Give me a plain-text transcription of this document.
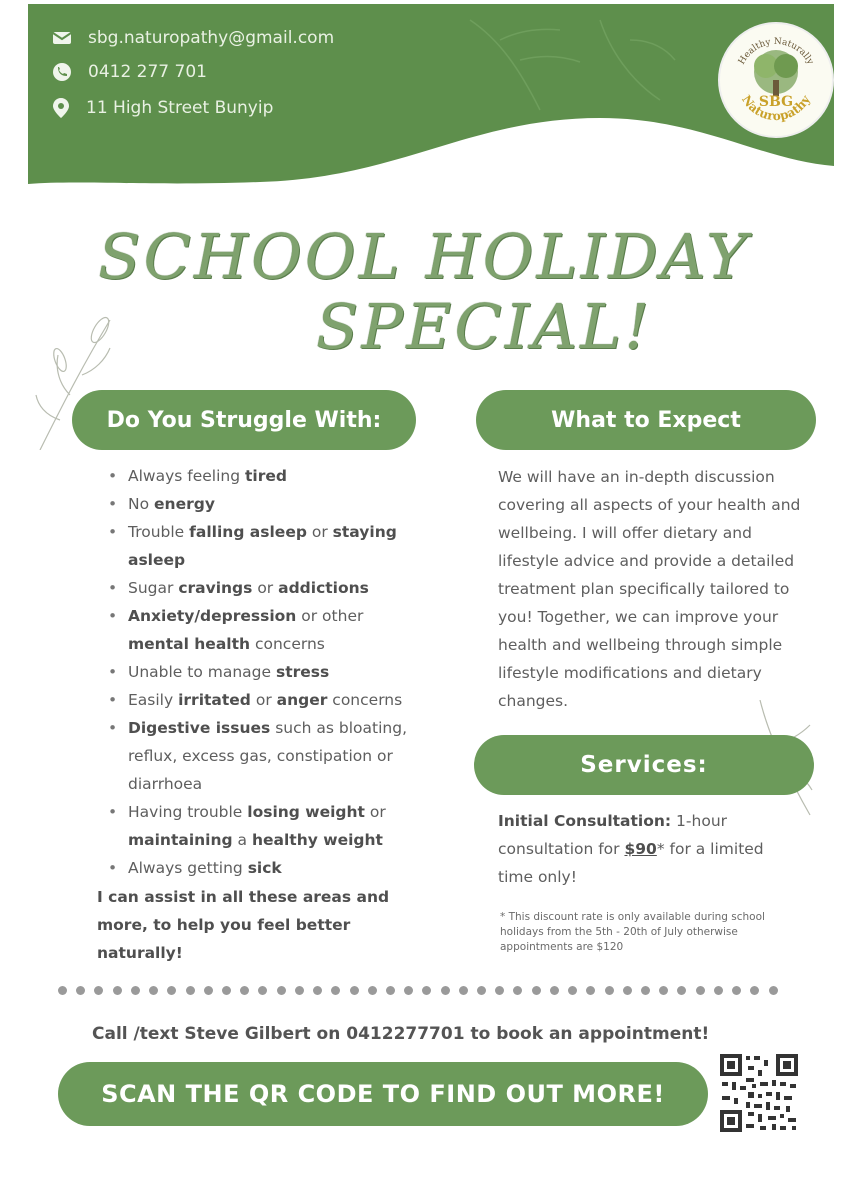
sbg.naturopathy@gmail.com
0412 277 701
11 High Street Bunyip
Healthy Naturally
SBG
Naturopathy
SCHOOL HOLIDAY
SPECIAL!
Do You Struggle With:	What to Expect
Services:
• Always feeling tired
• No energy
• Trouble falling asleep or staying asleep
• Sugar cravings or addictions
• Anxiety/depression or other mental health concerns
• Unable to manage stress
• Easily irritated or anger concerns
• Digestive issues such as bloating, reflux, excess gas, constipation or diarrhoea
• Having trouble losing weight or maintaining a healthy weight
• Always getting sick
I can assist in all these areas and more, to help you feel better naturally!
We will have an in-depth discussion covering all aspects of your health and wellbeing. I will offer dietary and lifestyle advice and provide a detailed treatment plan specifically tailored to you! Together, we can improve your health and wellbeing through simple lifestyle modifications and dietary changes.
Initial Consultation: 1-hour consultation for $90* for a limited time only!
* This discount rate is only available during school holidays from the 5th - 20th of July otherwise appointments are $120
Call /text Steve Gilbert on 0412277701 to book an appointment!
SCAN THE QR CODE TO FIND OUT MORE!
